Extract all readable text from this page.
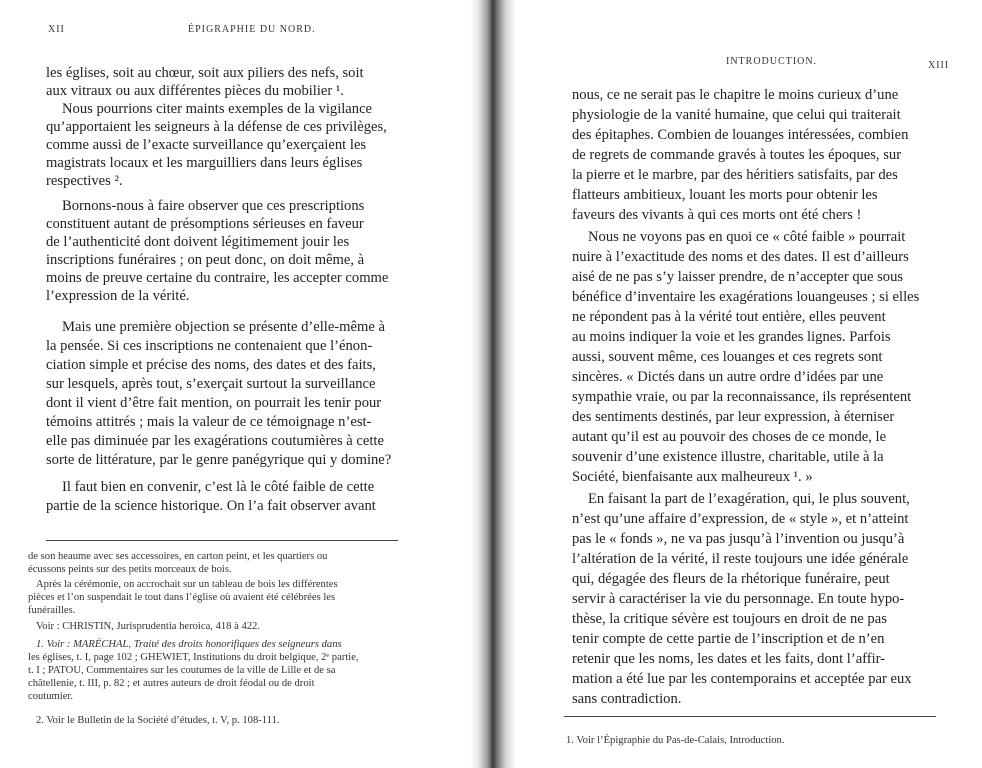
XII	ÉPIGRAPHIE DU NORD.
les églises, soit au chœur, soit aux piliers des nefs, soit
aux vitraux ou aux différentes pièces du mobilier ¹.
Nous pourrions citer maints exemples de la vigilance
qu’apportaient les seigneurs à la défense de ces privilèges,
comme aussi de l’exacte surveillance qu’exerçaient les
magistrats locaux et les marguilliers dans leurs églises
respectives ².
Bornons-nous à faire observer que ces prescriptions
constituent autant de présomptions sérieuses en faveur
de l’authenticité dont doivent légitimement jouir les
inscriptions funéraires ; on peut donc, on doit même, à
moins de preuve certaine du contraire, les accepter comme
l’expression de la vérité.
Mais une première objection se présente d’elle-même à
la pensée. Si ces inscriptions ne contenaient que l’énon-
ciation simple et précise des noms, des dates et des faits,
sur lesquels, après tout, s’exerçait surtout la surveillance
dont il vient d’être fait mention, on pourrait les tenir pour
témoins attitrés ; mais la valeur de ce témoignage n’est-
elle pas diminuée par les exagérations coutumières à cette
sorte de littérature, par le genre panégyrique qui y domine?
Il faut bien en convenir, c’est là le côté faible de cette
partie de la science historique. On l’a fait observer avant
de son heaume avec ses accessoires, en carton peint, et les quartiers ou
écussons peints sur des petits morceaux de bois.
Après la cérémonie, on accrochait sur un tableau de bois les différentes
pièces et l’on suspendait le tout dans l’église où avaient été célébrées les
funérailles.
Voir : CHRISTIN, Jurisprudentia heroica, 418 à 422.
1. Voir : MARÉCHAL, Traité des droits honorifiques des seigneurs dans
les églises, t. I, page 102 ; GHEWIET, Institutions du droit belgique, 2ᵉ partie,
t. I ; PATOU, Commentaires sur les coutumes de la ville de Lille et de sa
châtellenie, t. III, p. 82 ; et autres auteurs de droit féodal ou de droit
coutumier.
2. Voir le Bulletin de la Société d’études, t. V, p. 108-111.
INTRODUCTION.	XIII
nous, ce ne serait pas le chapitre le moins curieux d’une
physiologie de la vanité humaine, que celui qui traiterait
des épitaphes. Combien de louanges intéressées, combien
de regrets de commande gravés à toutes les époques, sur
la pierre et le marbre, par des héritiers satisfaits, par des
flatteurs ambitieux, louant les morts pour obtenir les
faveurs des vivants à qui ces morts ont été chers !
Nous ne voyons pas en quoi ce « côté faible » pourrait
nuire à l’exactitude des noms et des dates. Il est d’ailleurs
aisé de ne pas s’y laisser prendre, de n’accepter que sous
bénéfice d’inventaire les exagérations louangeuses ; si elles
ne répondent pas à la vérité tout entière, elles peuvent
au moins indiquer la voie et les grandes lignes. Parfois
aussi, souvent même, ces louanges et ces regrets sont
sincères. « Dictés dans un autre ordre d’idées par une
sympathie vraie, ou par la reconnaissance, ils représentent
des sentiments destinés, par leur expression, à éterniser
autant qu’il est au pouvoir des choses de ce monde, le
souvenir d’une existence illustre, charitable, utile à la
Société, bienfaisante aux malheureux ¹. »
En faisant la part de l’exagération, qui, le plus souvent,
n’est qu’une affaire d’expression, de « style », et n’atteint
pas le « fonds », ne va pas jusqu’à l’invention ou jusqu’à
l’altération de la vérité, il reste toujours une idée générale
qui, dégagée des fleurs de la rhétorique funéraire, peut
servir à caractériser la vie du personnage. En toute hypo-
thèse, la critique sévère est toujours en droit de ne pas
tenir compte de cette partie de l’inscription et de n’en
retenir que les noms, les dates et les faits, dont l’affir-
mation a été lue par les contemporains et acceptée par eux
sans contradiction.
1. Voir l’Épigraphie du Pas-de-Calais, Introduction.
